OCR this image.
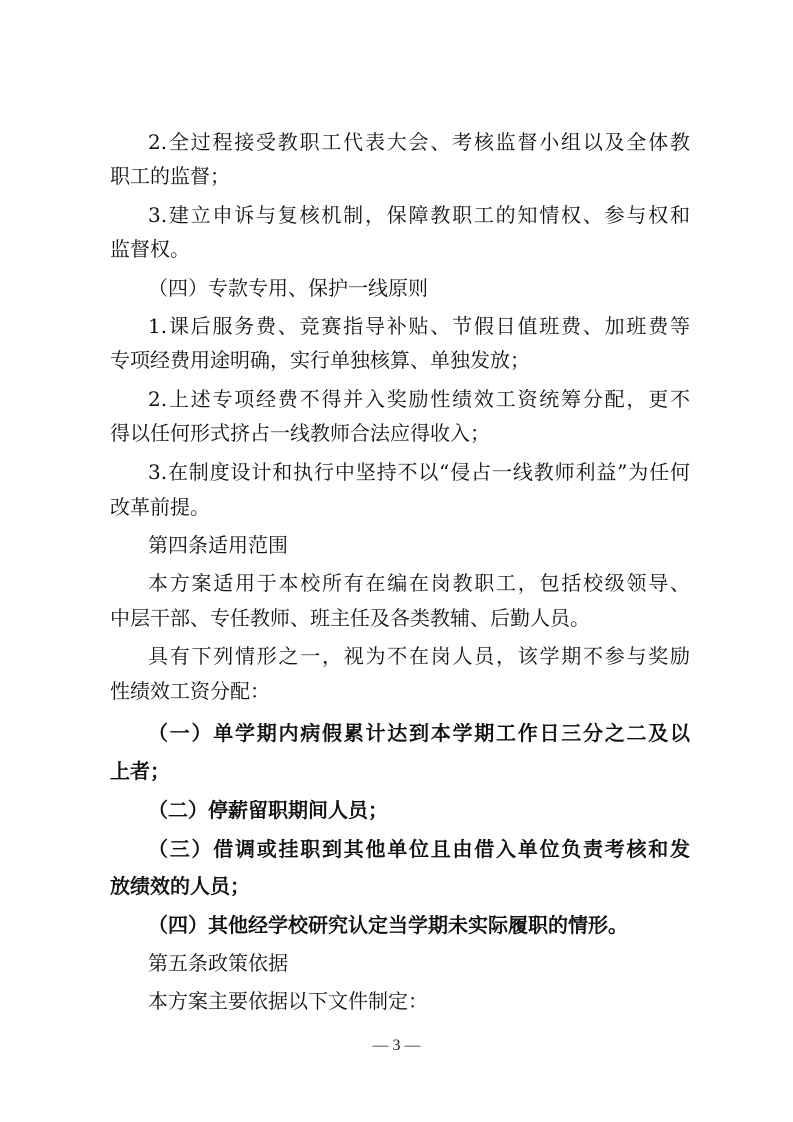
2.全过程接受教职工代表大会、考核监督小组以及全体教
职工的监督；
3.建立申诉与复核机制，保障教职工的知情权、参与权和
监督权。
（四）专款专用、保护一线原则
1.课后服务费、竞赛指导补贴、节假日值班费、加班费等
专项经费用途明确，实行单独核算、单独发放；
2.上述专项经费不得并入奖励性绩效工资统筹分配，更不
得以任何形式挤占一线教师合法应得收入；
3.在制度设计和执行中坚持不以“侵占一线教师利益”为任何
改革前提。
第四条适用范围
本方案适用于本校所有在编在岗教职工，包括校级领导、
中层干部、专任教师、班主任及各类教辅、后勤人员。
具有下列情形之一，视为不在岗人员，该学期不参与奖励
性绩效工资分配：
（一）单学期内病假累计达到本学期工作日三分之二及以
上者；
（二）停薪留职期间人员；
（三）借调或挂职到其他单位且由借入单位负责考核和发
放绩效的人员；
（四）其他经学校研究认定当学期未实际履职的情形。
第五条政策依据
本方案主要依据以下文件制定：
— 3 —
